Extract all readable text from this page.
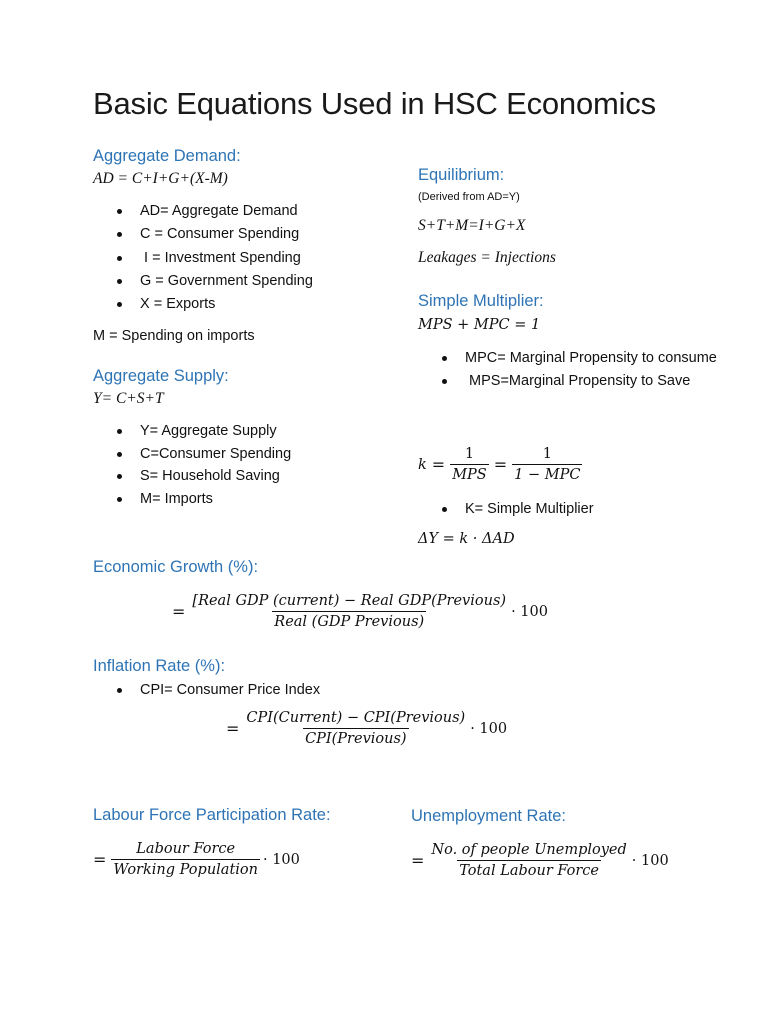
Basic Equations Used in HSC Economics
Aggregate Demand:
AD = C+I+G+(X-M)
AD= Aggregate Demand
C = Consumer Spending
I = Investment Spending
G = Government Spending
X = Exports
M = Spending on imports
Aggregate Supply:
Y= C+S+T
Y= Aggregate Supply
C=Consumer Spending
S= Household Saving
M= Imports
Equilibrium:
(Derived from AD=Y)
S+T+M=I+G+X
Leakages = Injections
Simple Multiplier:
MPS + MPC = 1
MPC= Marginal Propensity to consume
MPS=Marginal Propensity to Save
$k = \frac{1}{\text{MPS}} = \frac{1}{\text{1 − MPC}}$
K= Simple Multiplier
ΔY = k · ΔAD
Economic Growth (%):
= $\frac{\text{[Real GDP (current) − Real GDP(Previous)}}{\text{Real (GDP Previous)}} \cdot 100$
Inflation Rate (%):
CPI= Consumer Price Index
= $\frac{\text{CPI(Current) − CPI(Previous)}}{\text{CPI(Previous)}} \cdot 100$
Labour Force Participation Rate:
= $\frac{\text{Labour Force}}{\text{Working Population}} \cdot 100$
Unemployment Rate:
= $\frac{\text{No. of people Unemployed}}{\text{Total Labour Force}} \cdot 100$
